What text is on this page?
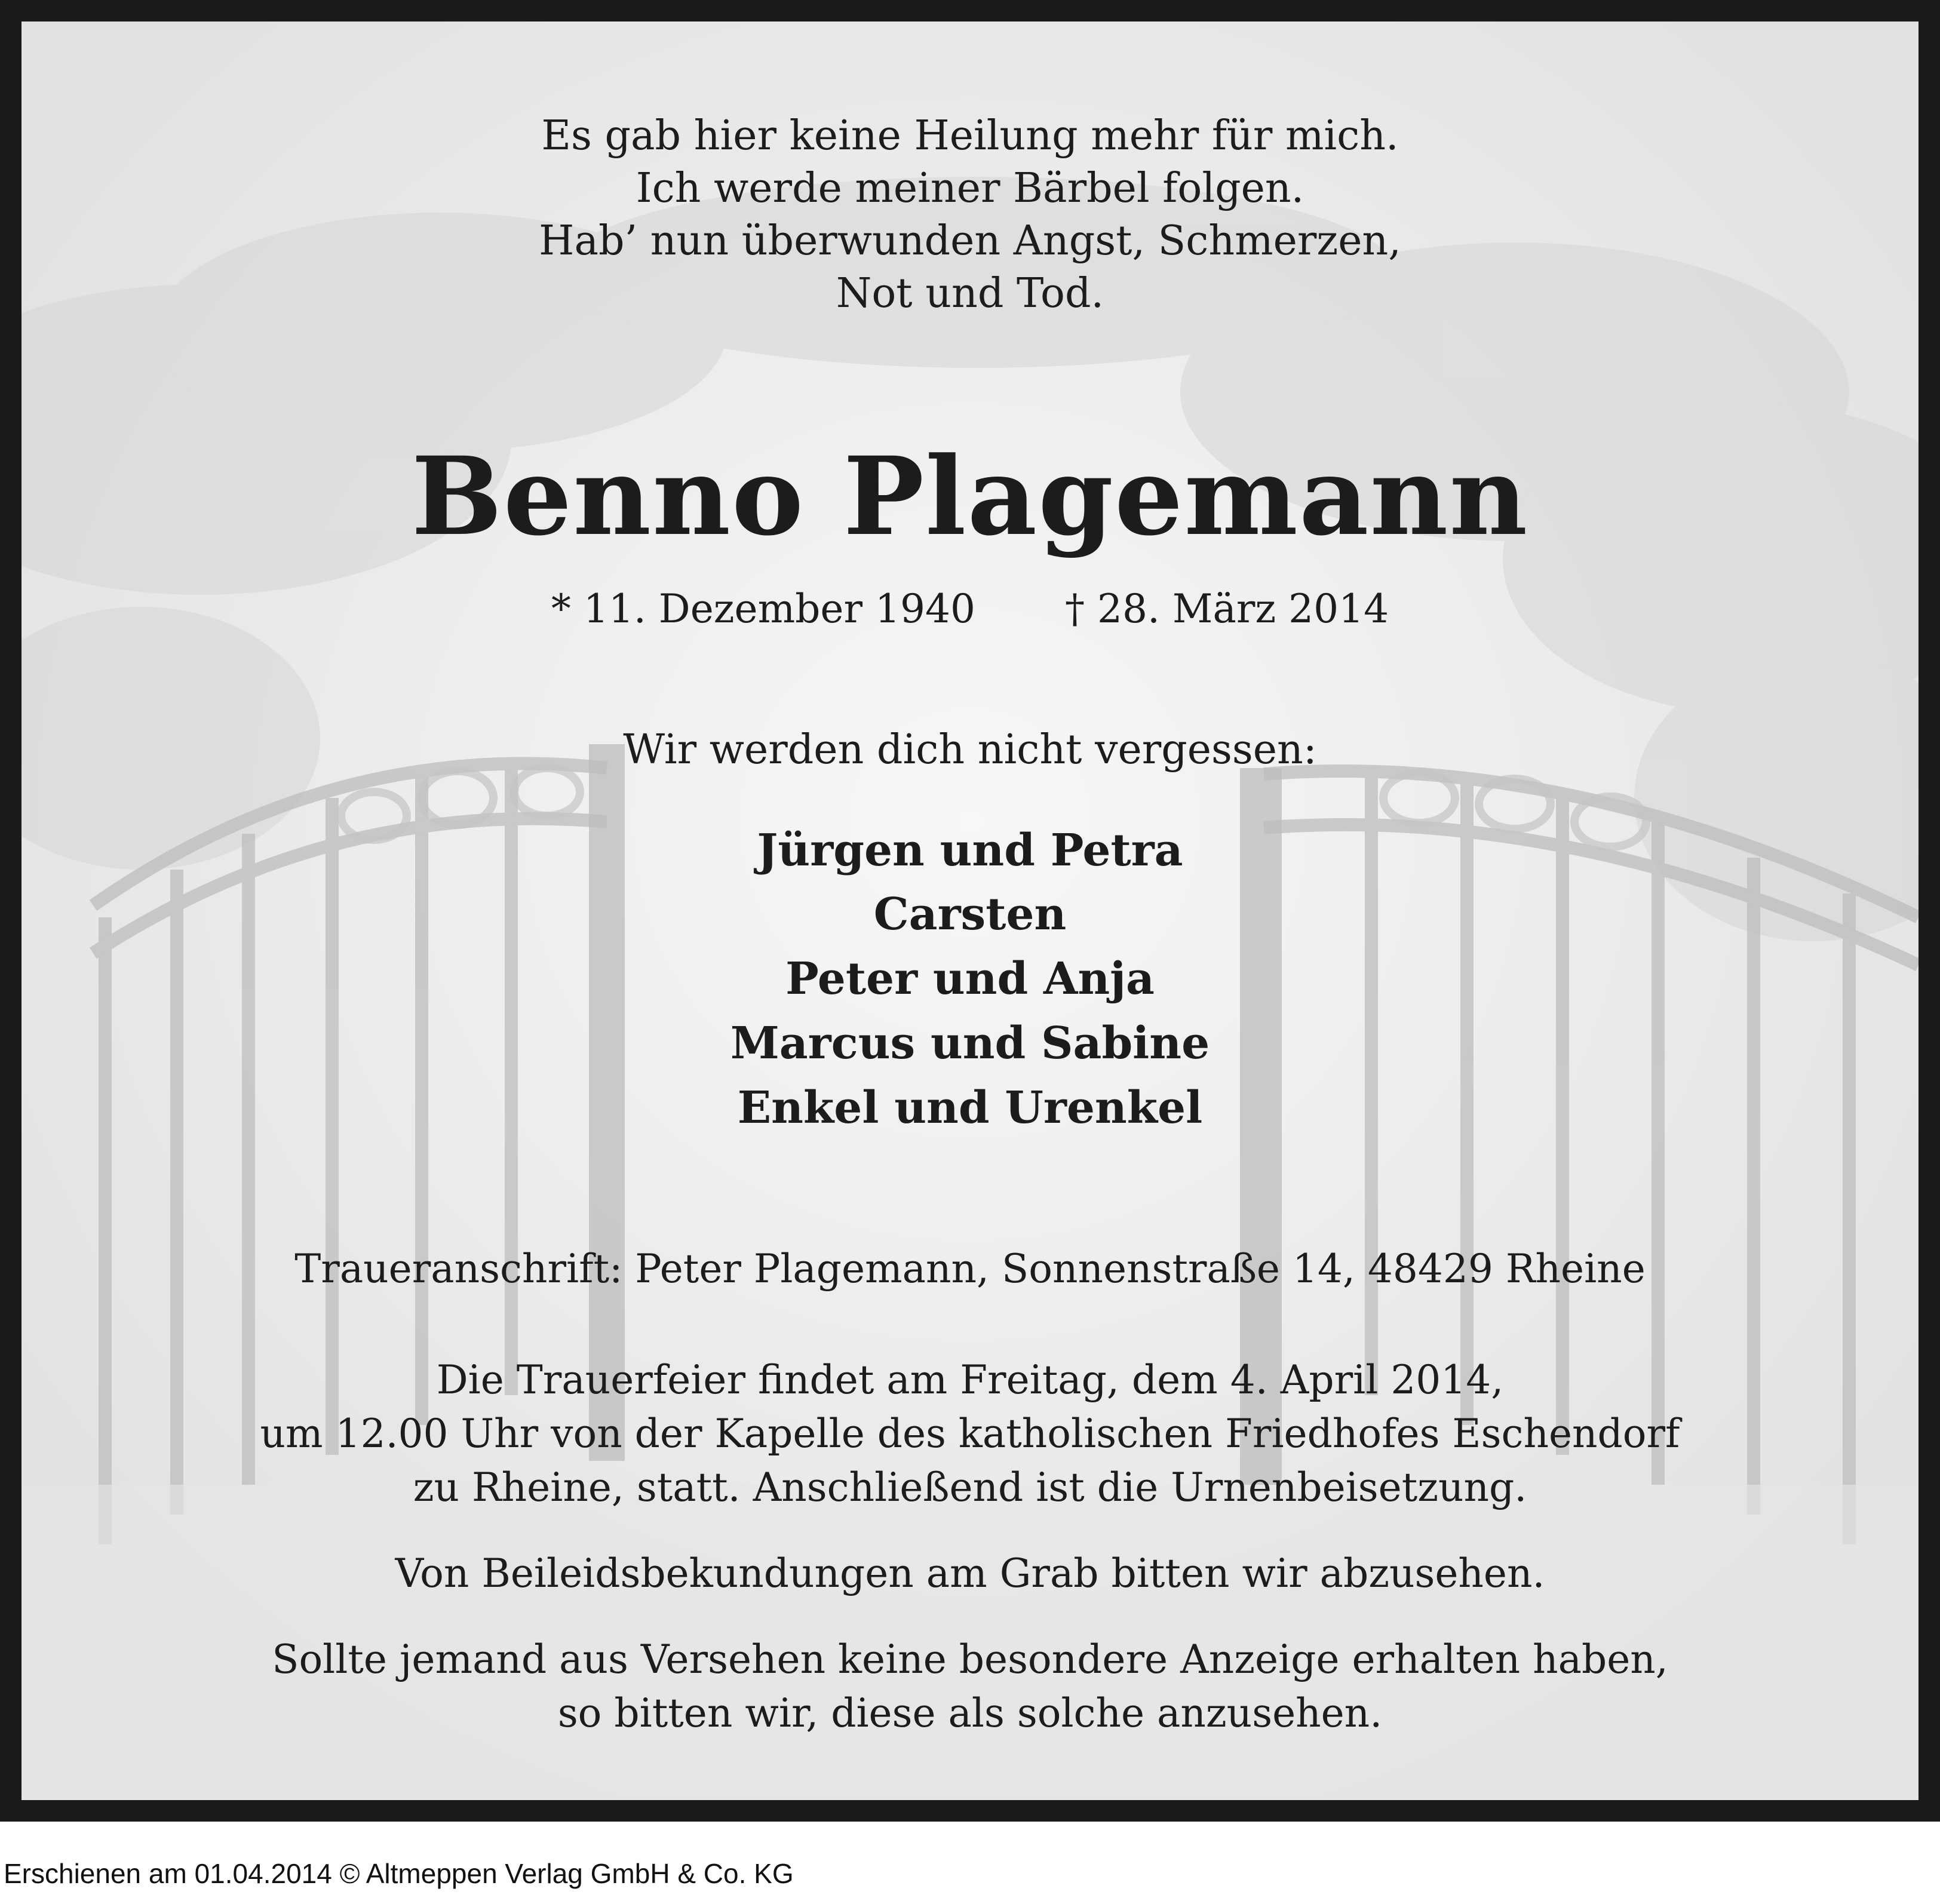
Es gab hier keine Heilung mehr für mich.
Ich werde meiner Bärbel folgen.
Hab’ nun überwunden Angst, Schmerzen,
Not und Tod.
Benno Plagemann
* 11. Dezember 1940 † 28. März 2014
Wir werden dich nicht vergessen:
Jürgen und Petra
Carsten
Peter und Anja
Marcus und Sabine
Enkel und Urenkel
Traueranschrift: Peter Plagemann, Sonnenstraße 14, 48429 Rheine
Die Trauerfeier findet am Freitag, dem 4. April 2014,
um 12.00 Uhr von der Kapelle des katholischen Friedhofes Eschendorf
zu Rheine, statt. Anschließend ist die Urnenbeisetzung.
Von Beileidsbekundungen am Grab bitten wir abzusehen.
Sollte jemand aus Versehen keine besondere Anzeige erhalten haben,
so bitten wir, diese als solche anzusehen.
Erschienen am 01.04.2014 © Altmeppen Verlag GmbH & Co. KG
